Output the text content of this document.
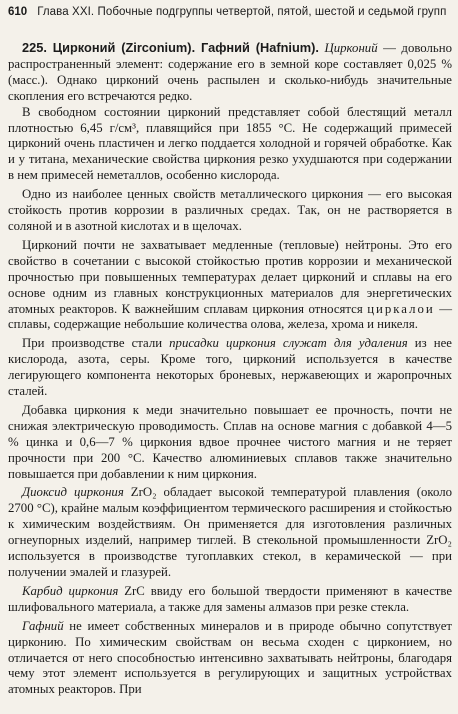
610 Глава XXI. Побочные подгруппы четвертой, пятой, шестой и седьмой групп

225. Цирконий (Zirconium). Гафний (Hafnium). Цирконий — довольно распространенный элемент: содержание его в земной коре составляет 0,025 % (масс.). Однако цирконий очень распылен и сколько-нибудь значительные скопления его встречаются редко.

В свободном состоянии цирконий представляет собой блестящий металл плотностью 6,45 г/см³, плавящийся при 1855 °С. Не содержащий примесей цирконий очень пластичен и легко поддается холодной и горячей обработке. Как и у титана, механические свойства циркония резко ухудшаются при содержании в нем примесей неметаллов, особенно кислорода.

Одно из наиболее ценных свойств металлического циркония — его высокая стойкость против коррозии в различных средах. Так, он не растворяется в соляной и в азотной кислотах и в щелочах.

Цирконий почти не захватывает медленные (тепловые) нейтроны. Это его свойство в сочетании с высокой стойкостью против коррозии и механической прочностью при повышенных температурах делает цирконий и сплавы на его основе одним из главных конструкционных материалов для энергетических атомных реакторов. К важнейшим сплавам циркония относятся циркалои — сплавы, содержащие небольшие количества олова, железа, хрома и никеля.

При производстве стали присадки циркония служат для удаления из нее кислорода, азота, серы. Кроме того, цирконий используется в качестве легирующего компонента некоторых броневых, нержавеющих и жаропрочных сталей.

Добавка циркония к меди значительно повышает ее прочность, почти не снижая электрическую проводимость. Сплав на основе магния с добавкой 4—5 % цинка и 0,6—7 % циркония вдвое прочнее чистого магния и не теряет прочности при 200 °С. Качество алюминиевых сплавов также значительно повышается при добавлении к ним циркония.

Диоксид циркония ZrO₂ обладает высокой температурой плавления (около 2700 °С), крайне малым коэффициентом термического расширения и стойкостью к химическим воздействиям. Он применяется для изготовления различных огнеупорных изделий, например тиглей. В стекольной промышленности ZrO₂ используется в производстве тугоплавких стекол, в керамической — при получении эмалей и глазурей.

Карбид циркония ZrC ввиду его большой твердости применяют в качестве шлифовального материала, а также для замены алмазов при резке стекла.

Гафний не имеет собственных минералов и в природе обычно сопутствует цирконию. По химическим свойствам он весьма сходен с цирконием, но отличается от него способностью интенсивно захватывать нейтроны, благодаря чему этот элемент используется в регулирующих и защитных устройствах атомных реакторов. При
